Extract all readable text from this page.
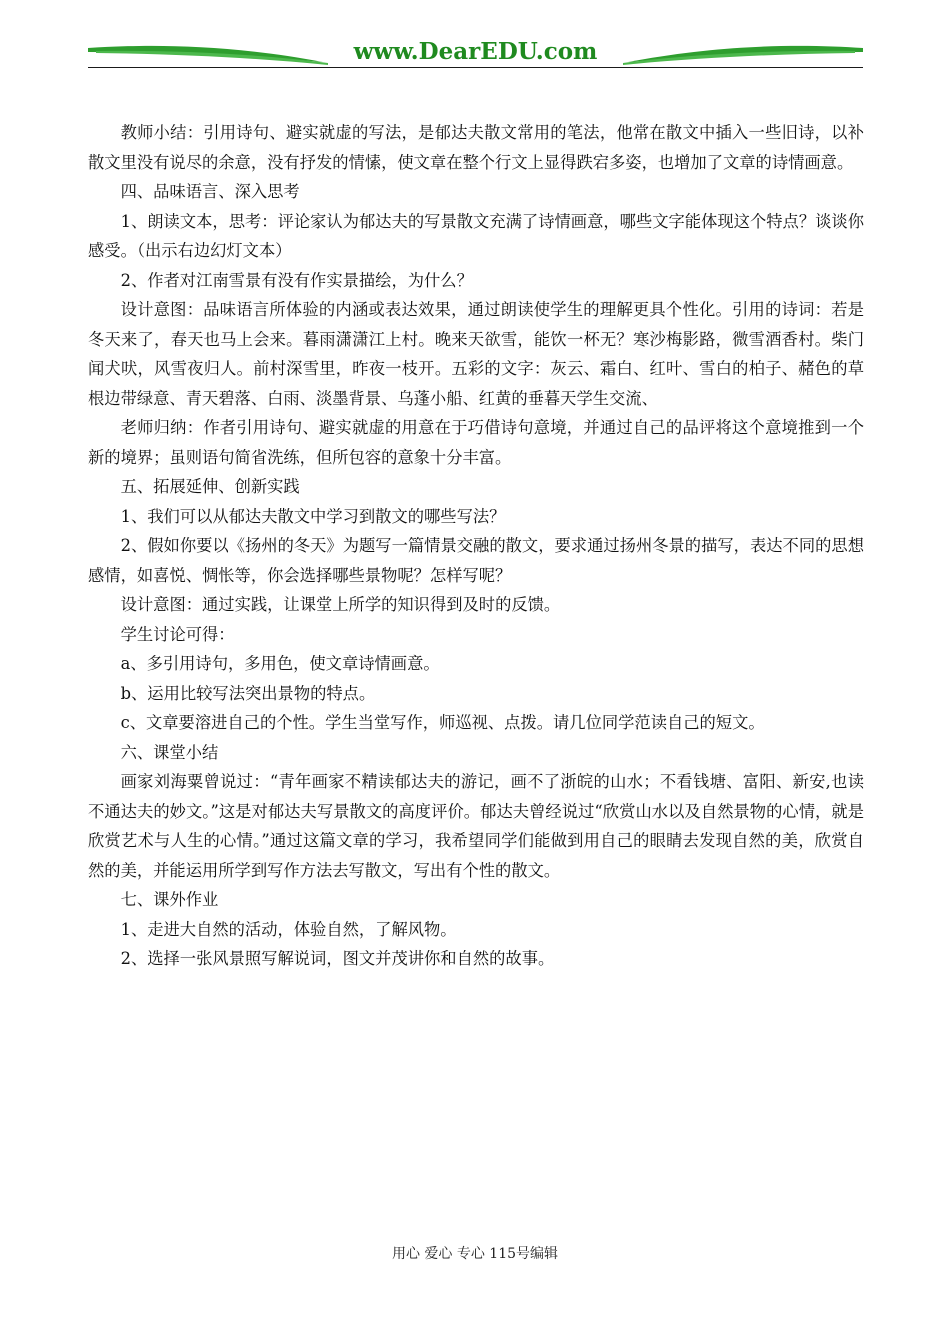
www.DearEDU.com

教师小结：引用诗句、避实就虚的写法，是郁达夫散文常用的笔法，他常在散文中插入一些旧诗，以补散文里没有说尽的余意，没有抒发的情愫，使文章在整个行文上显得跌宕多姿，也增加了文章的诗情画意。

四、品味语言、深入思考

1、朗读文本，思考：评论家认为郁达夫的写景散文充满了诗情画意，哪些文字能体现这个特点？谈谈你感受。（出示右边幻灯文本）

2、作者对江南雪景有没有作实景描绘，为什么？

设计意图：品味语言所体验的内涵或表达效果，通过朗读使学生的理解更具个性化。引用的诗词：若是冬天来了，春天也马上会来。暮雨潇潇江上村。晚来天欲雪，能饮一杯无？寒沙梅影路，微雪酒香村。柴门闻犬吠，风雪夜归人。前村深雪里，昨夜一枝开。五彩的文字：灰云、霜白、红叶、雪白的柏子、赭色的草根边带绿意、青天碧落、白雨、淡墨背景、乌蓬小船、红黄的垂暮天学生交流、

老师归纳：作者引用诗句、避实就虚的用意在于巧借诗句意境，并通过自己的品评将这个意境推到一个新的境界；虽则语句简省洗练，但所包容的意象十分丰富。

五、拓展延伸、创新实践

1、我们可以从郁达夫散文中学习到散文的哪些写法？

2、假如你要以《扬州的冬天》为题写一篇情景交融的散文，要求通过扬州冬景的描写，表达不同的思想感情，如喜悦、惆怅等，你会选择哪些景物呢？怎样写呢？

设计意图：通过实践，让课堂上所学的知识得到及时的反馈。

学生讨论可得：

a、多引用诗句，多用色，使文章诗情画意。

b、运用比较写法突出景物的特点。

c、文章要溶进自己的个性。学生当堂写作，师巡视、点拨。请几位同学范读自己的短文。

六、课堂小结

画家刘海粟曾说过：“青年画家不精读郁达夫的游记，画不了浙皖的山水；不看钱塘、富阳、新安,也读不通达夫的妙文。”这是对郁达夫写景散文的高度评价。郁达夫曾经说过“欣赏山水以及自然景物的心情，就是欣赏艺术与人生的心情。”通过这篇文章的学习，我希望同学们能做到用自己的眼睛去发现自然的美，欣赏自然的美，并能运用所学到写作方法去写散文，写出有个性的散文。

七、课外作业

1、走进大自然的活动，体验自然，了解风物。

2、选择一张风景照写解说词，图文并茂讲你和自然的故事。

用心 爱心 专心 115号编辑
